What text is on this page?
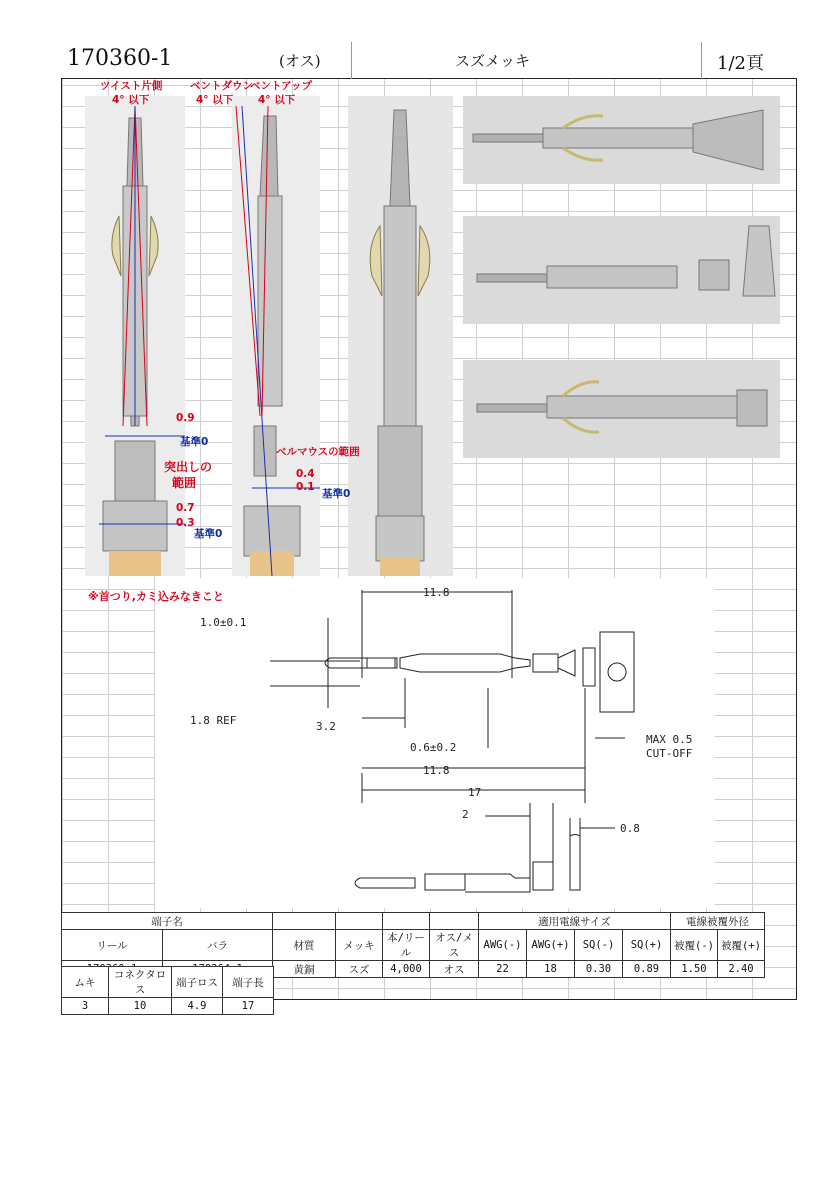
170360-1	(オス)	スズメッキ	1/2頁
ツイスト片側
4° 以下
ベントダウン
ベントアップ
4° 以下 4° 以下
0.9
基準0
突出しの
範囲
0.7
0.3
基準0
ベルマウスの範囲
0.4
0.1
基準0
※首つり,カミ込みなきこと	11.8
1.0±0.1
1.8 REF	3.2
0.6±0.2
11.8
17
MAX 0.5
CUT-OFF
2
0.8
端子名						適用電線サイズ				電線被覆外径	
リール	バラ	材質	メッキ	本/リール	オス/メス	AWG(-)	AWG(+)	SQ(-)	SQ(+)	被覆(-)	被覆(+)
		黄銅	スズ	4,000	オス	22	18	0.30	0.89	1.50	2.40
ムキ	コネクタロス	端子ロス	端子長
3	10	4.9	17
